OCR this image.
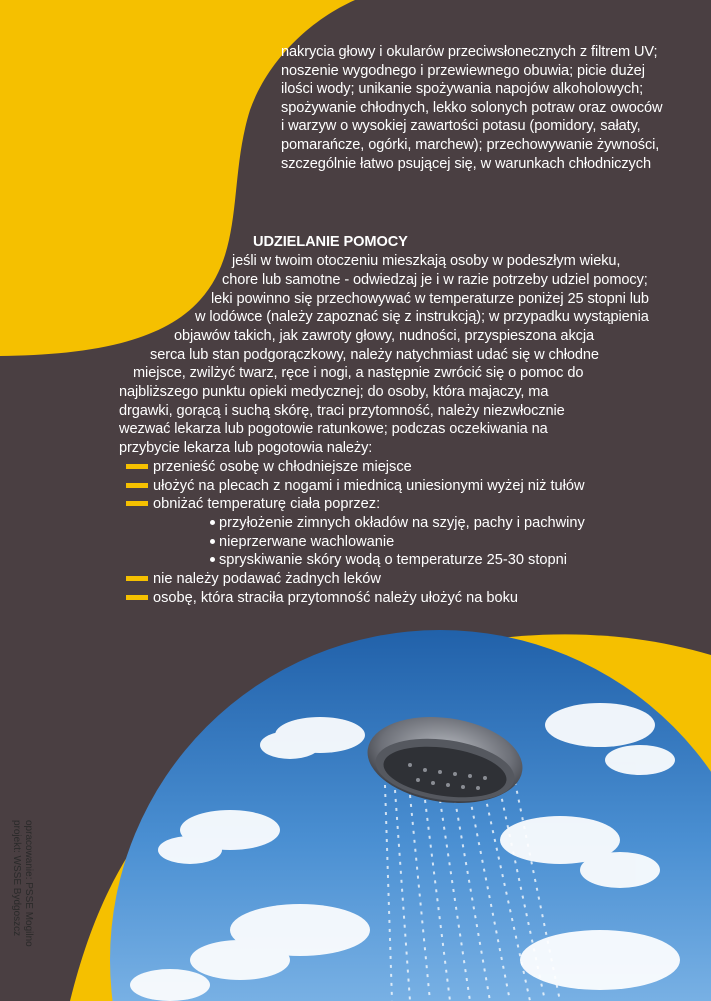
nakrycia głowy i okularów przeciwsłonecznych z filtrem UV;
noszenie wygodnego i przewiewnego obuwia; picie dużej
ilości wody; unikanie spożywania napojów alkoholowych;
spożywanie chłodnych, lekko solonych potraw oraz owoców
i warzyw o wysokiej zawartości potasu (pomidory, sałaty,
pomarańcze, ogórki, marchew); przechowywanie żywności,
szczególnie łatwo psującej się, w warunkach chłodniczych
UDZIELANIE POMOCY
jeśli w twoim otoczeniu mieszkają osoby w podeszłym wieku,
chore lub samotne - odwiedzaj je i w razie potrzeby udziel pomocy;
leki powinno się przechowywać w temperaturze poniżej 25 stopni lub
w lodówce (należy zapoznać się z instrukcją); w przypadku wystąpienia
objawów takich, jak zawroty głowy, nudności, przyspieszona akcja
serca lub stan podgorączkowy, należy natychmiast udać się w chłodne
miejsce, zwilżyć twarz, ręce i nogi, a następnie zwrócić się o pomoc do
najbliższego punktu opieki medycznej; do osoby, która majaczy, ma
drgawki, gorącą i suchą skórę, traci przytomność, należy niezwłocznie
wezwać lekarza lub pogotowie ratunkowe; podczas oczekiwania na
przybycie lekarza lub pogotowia należy:
przenieść osobę w chłodniejsze miejsce
ułożyć na plecach z nogami i miednicą uniesionymi wyżej niż tułów
obniżać temperaturę ciała poprzez:
przyłożenie zimnych okładów na szyję, pachy i pachwiny
nieprzerwane wachlowanie
spryskiwanie skóry wodą o temperaturze 25-30 stopni
nie należy podawać żadnych leków
osobę, która straciła przytomność należy ułożyć na boku
opracowanie: PSSE Mogilno
projekt: WSSE Bydgoszcz
